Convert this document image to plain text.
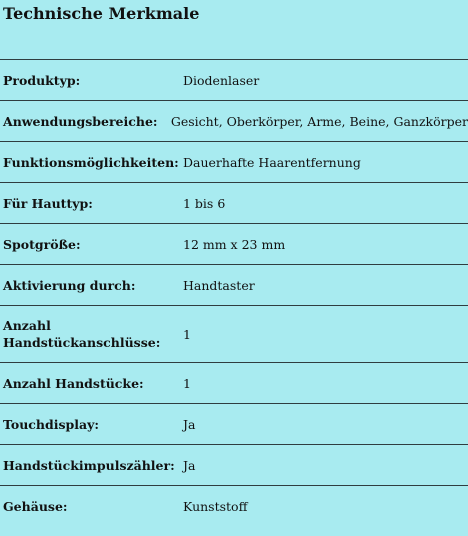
Technische Merkmale
Produktyp:	Diodenlaser
Anwendungsbereiche:	Gesicht, Oberkörper, Arme, Beine, Ganzkörper
Funktionsmöglichkeiten: Dauerhafte Haarentfernung
Für Hauttyp:	1 bis 6
Spotgröße:	12 mm x 23 mm
Aktivierung durch:	Handtaster
Anzahl Handstückanschlüsse:
1
Anzahl Handstücke:	1
Touchdisplay:	Ja
Handstückimpulszähler: Ja
Gehäuse:	Kunststoff
